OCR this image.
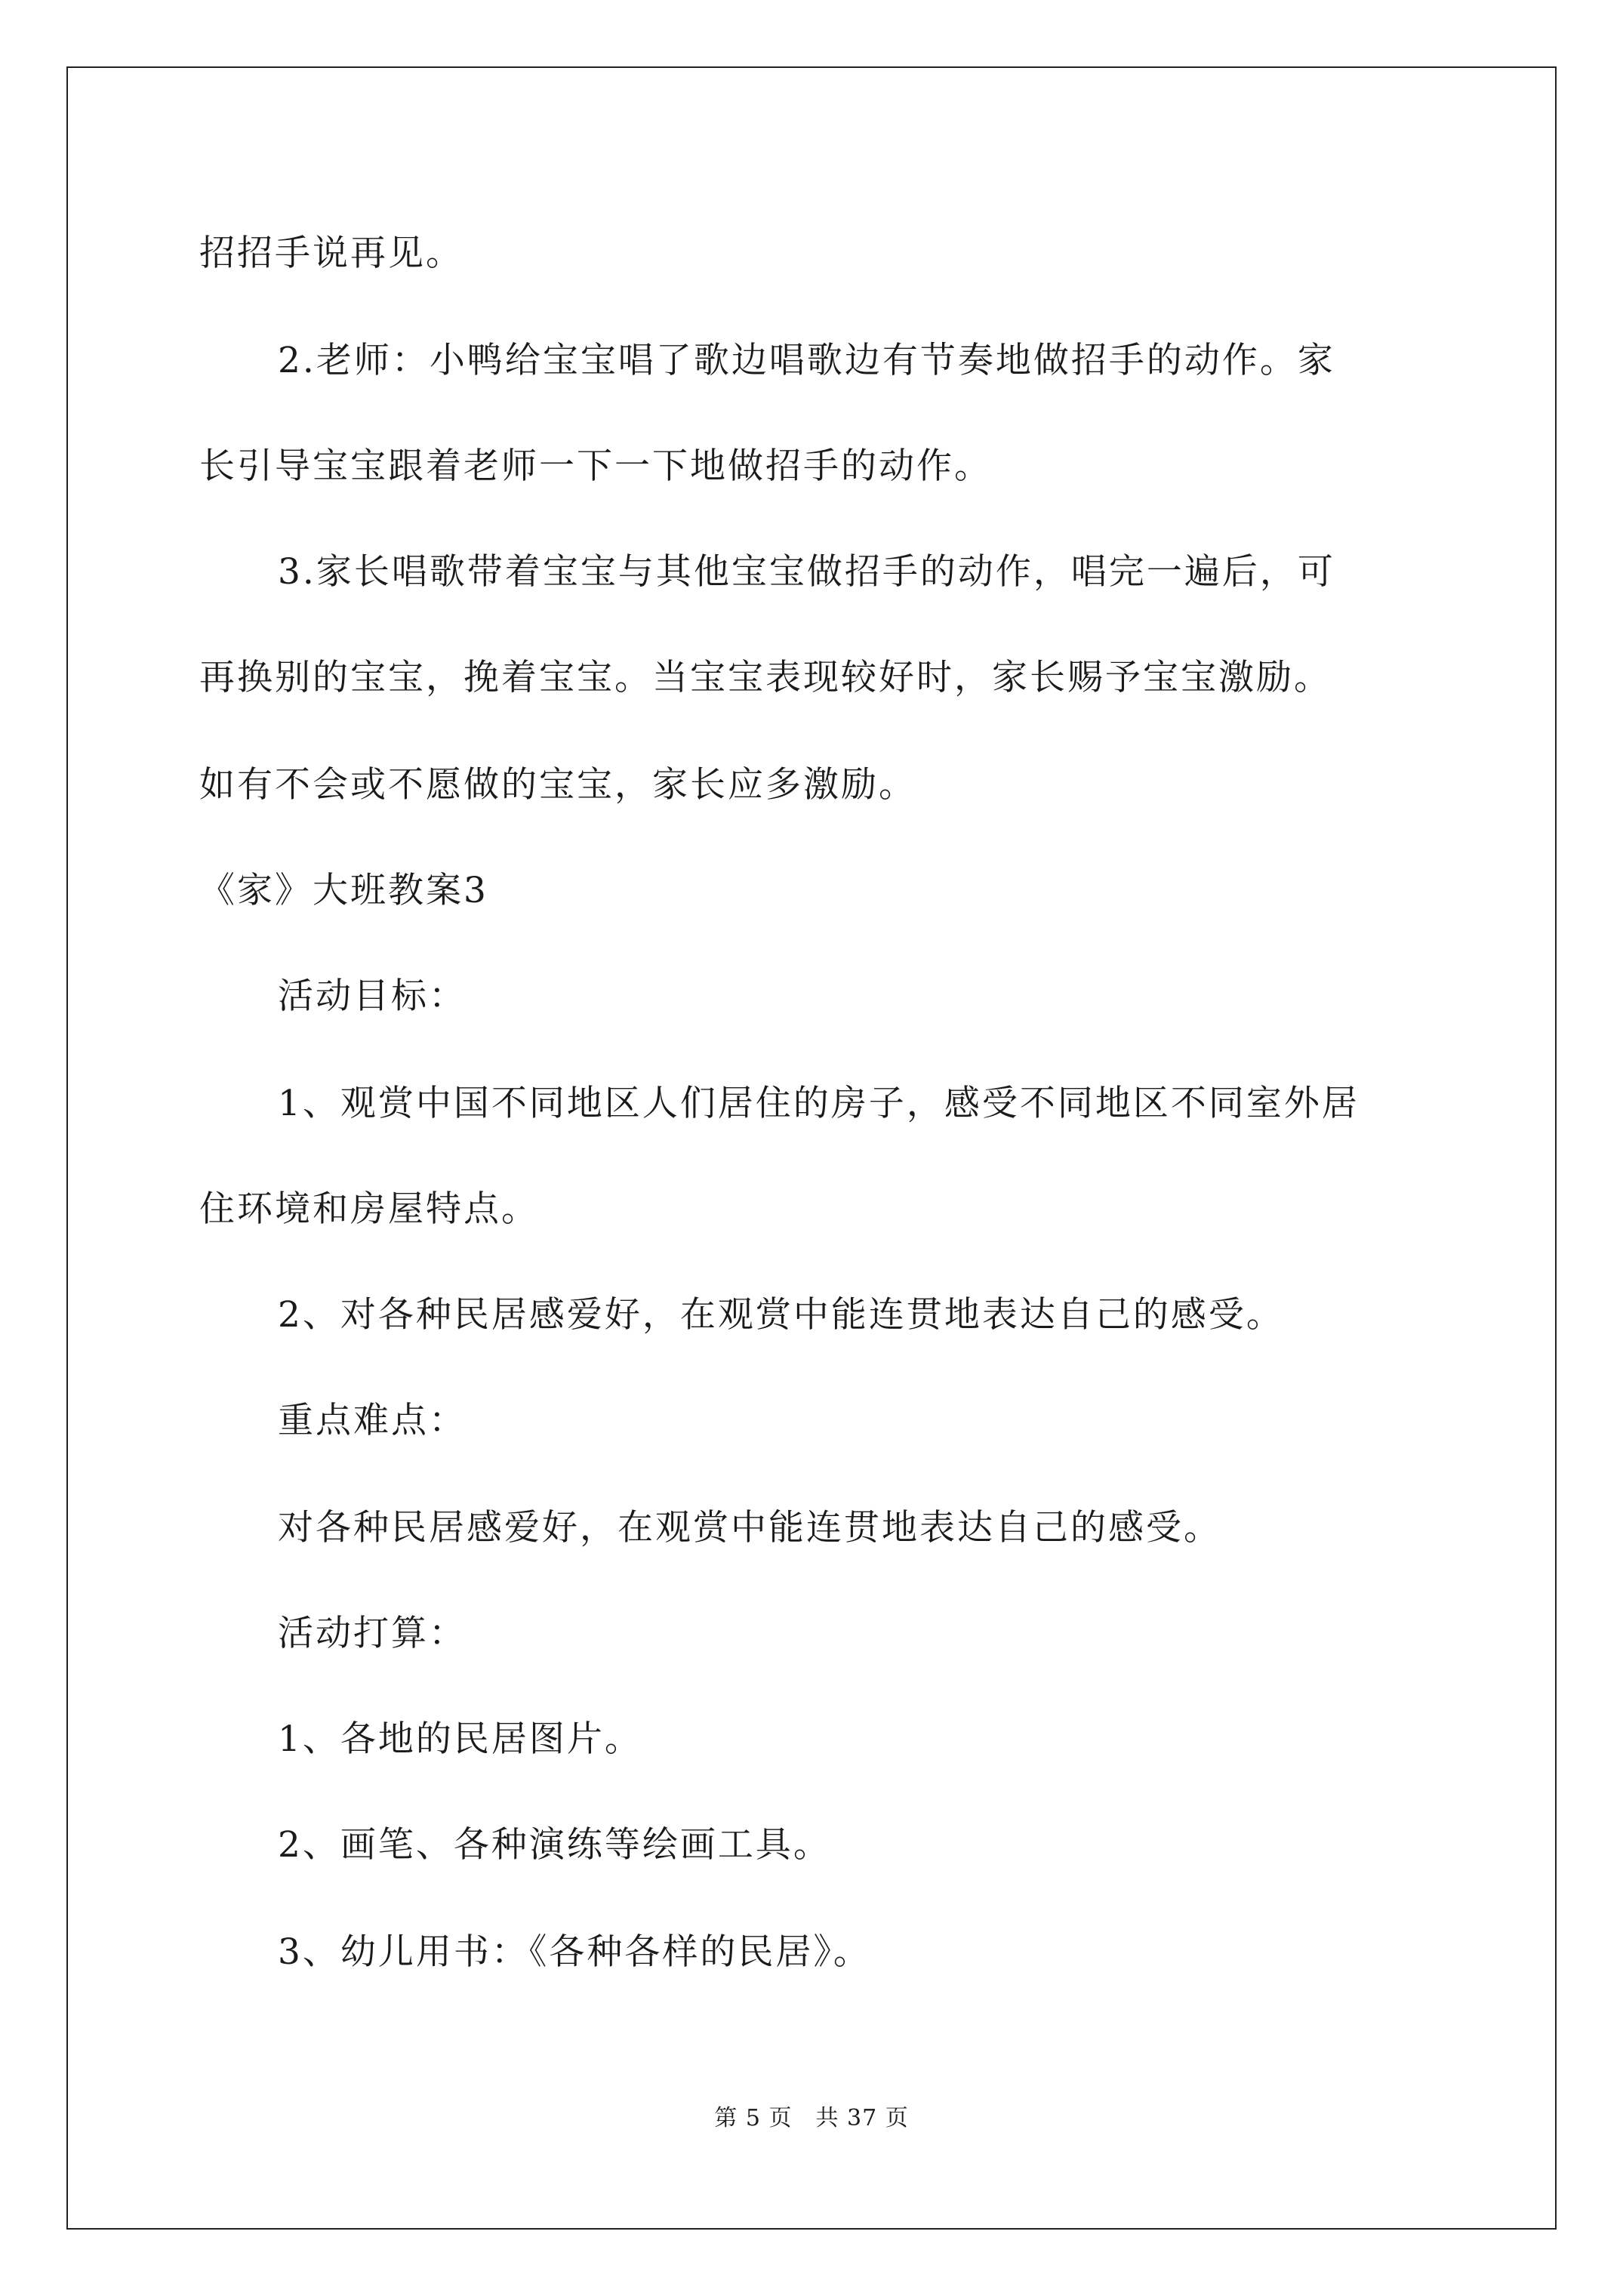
招招手说再见。
2.老师：小鸭给宝宝唱了歌边唱歌边有节奏地做招手的动作。家
长引导宝宝跟着老师一下一下地做招手的动作。
3.家长唱歌带着宝宝与其他宝宝做招手的动作，唱完一遍后，可
再换别的宝宝，挽着宝宝。当宝宝表现较好时，家长赐予宝宝激励。
如有不会或不愿做的宝宝，家长应多激励。
《家》大班教案3
活动目标：
1、观赏中国不同地区人们居住的房子，感受不同地区不同室外居
住环境和房屋特点。
2、对各种民居感爱好，在观赏中能连贯地表达自己的感受。
重点难点：
对各种民居感爱好，在观赏中能连贯地表达自己的感受。
活动打算：
1、各地的民居图片。
2、画笔、各种演练等绘画工具。
3、幼儿用书：《各种各样的民居》。
第 5 页　共 37 页
